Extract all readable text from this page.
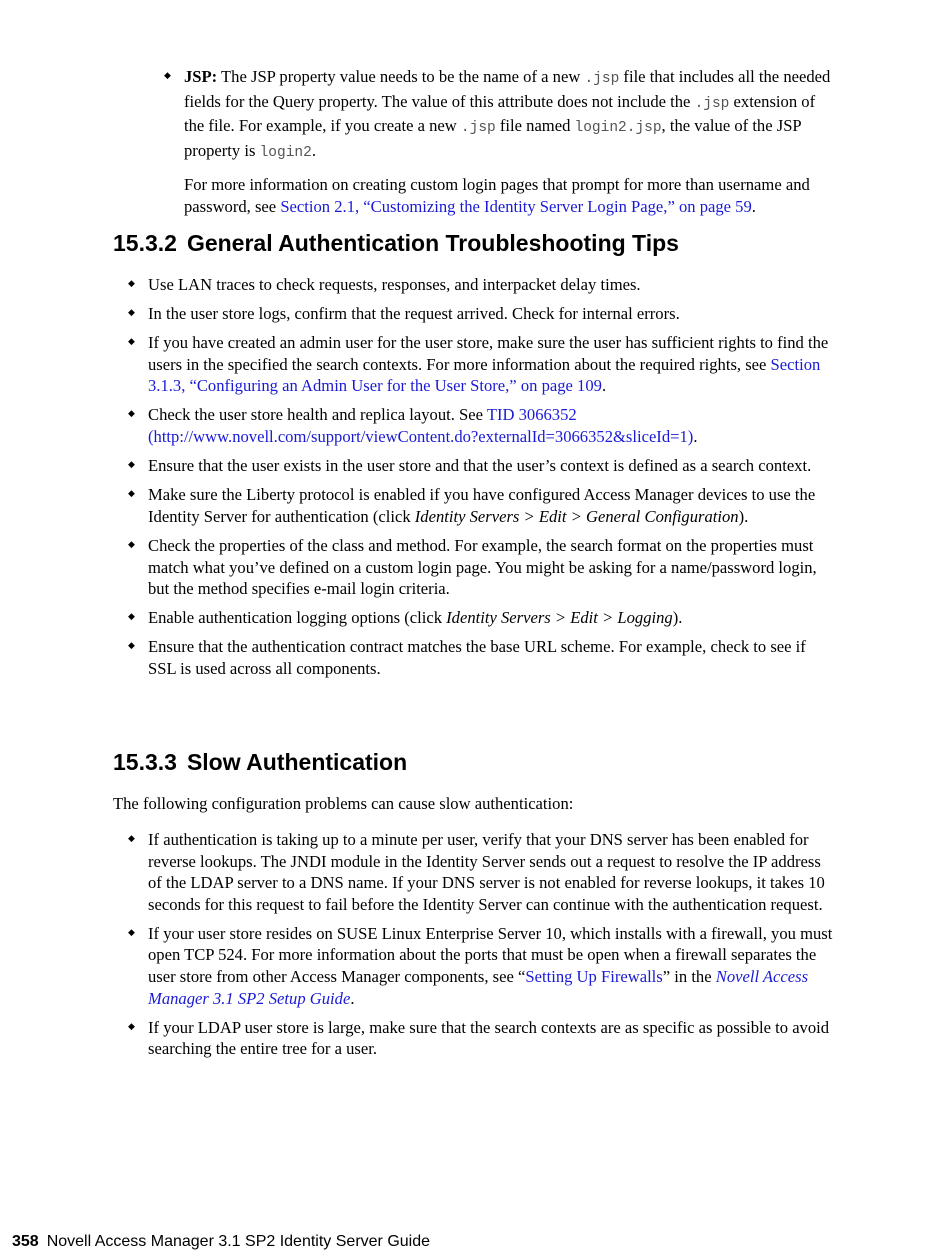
◆ JSP: The JSP property value needs to be the name of a new .jsp file that includes all the needed fields for the Query property. The value of this attribute does not include the .jsp extension of the file. For example, if you create a new .jsp file named login2.jsp, the value of the JSP property is login2.

For more information on creating custom login pages that prompt for more than username and password, see Section 2.1, “Customizing the Identity Server Login Page,” on page 59.

15.3.2 General Authentication Troubleshooting Tips
◆ Use LAN traces to check requests, responses, and interpacket delay times.
◆ In the user store logs, confirm that the request arrived. Check for internal errors.
◆ If you have created an admin user for the user store, make sure the user has sufficient rights to find the users in the specified the search contexts. For more information about the required rights, see Section 3.1.3, “Configuring an Admin User for the User Store,” on page 109.
◆ Check the user store health and replica layout. See TID 3066352 (http://www.novell.com/support/viewContent.do?externalId=3066352&sliceId=1).
◆ Ensure that the user exists in the user store and that the user’s context is defined as a search context.
◆ Make sure the Liberty protocol is enabled if you have configured Access Manager devices to use the Identity Server for authentication (click Identity Servers > Edit > General Configuration).
◆ Check the properties of the class and method. For example, the search format on the properties must match what you’ve defined on a custom login page. You might be asking for a name/password login, but the method specifies e-mail login criteria.
◆ Enable authentication logging options (click Identity Servers > Edit > Logging).
◆ Ensure that the authentication contract matches the base URL scheme. For example, check to see if SSL is used across all components.
15.3.3 Slow Authentication

The following configuration problems can cause slow authentication:

◆ If authentication is taking up to a minute per user, verify that your DNS server has been enabled for reverse lookups. The JNDI module in the Identity Server sends out a request to resolve the IP address of the LDAP server to a DNS name. If your DNS server is not enabled for reverse lookups, it takes 10 seconds for this request to fail before the Identity Server can continue with the authentication request.
◆ If your user store resides on SUSE Linux Enterprise Server 10, which installs with a firewall, you must open TCP 524. For more information about the ports that must be open when a firewall separates the user store from other Access Manager components, see “Setting Up Firewalls” in the Novell Access Manager 3.1 SP2 Setup Guide.
◆ If your LDAP user store is large, make sure that the search contexts are as specific as possible to avoid searching the entire tree for a user.
358 Novell Access Manager 3.1 SP2 Identity Server Guide
